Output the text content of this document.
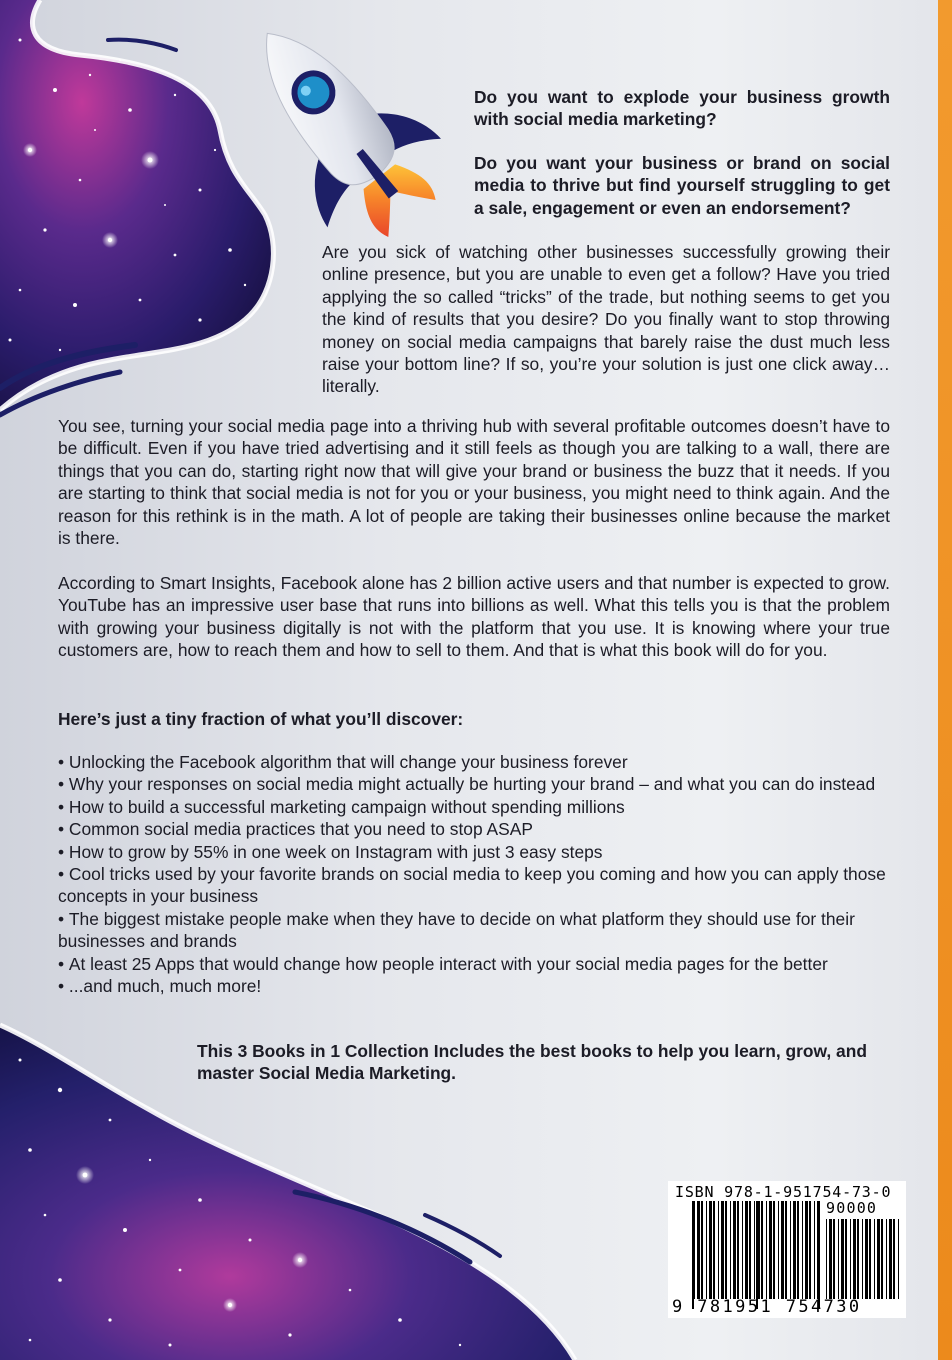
Do you want to explode your business growth with social media marketing?

Do you want your business or brand on social media to thrive but find yourself struggling to get a sale, engagement or even an endorsement?

Are you sick of watching other businesses successfully growing their online presence, but you are unable to even get a follow? Have you tried applying the so called “tricks” of the trade, but nothing seems to get you the kind of results that you desire? Do you finally want to stop throwing money on social media campaigns that barely raise the dust much less raise your bottom line? If so, you’re your solution is just one click away…literally.

You see, turning your social media page into a thriving hub with several profitable outcomes doesn’t have to be difficult. Even if you have tried advertising and it still feels as though you are talking to a wall, there are things that you can do, starting right now that will give your brand or business the buzz that it needs. If you are starting to think that social media is not for you or your business, you might need to think again. And the reason for this rethink is in the math. A lot of people are taking their businesses online because the market is there.

According to Smart Insights, Facebook alone has 2 billion active users and that number is expected to grow. YouTube has an impressive user base that runs into billions as well. What this tells you is that the problem with growing your business digitally is not with the platform that you use. It is knowing where your true customers are, how to reach them and how to sell to them. And that is what this book will do for you.

Here’s just a tiny fraction of what you’ll discover:

• Unlocking the Facebook algorithm that will change your business forever
• Why your responses on social media might actually be hurting your brand – and what you can do instead
• How to build a successful marketing campaign without spending millions
• Common social media practices that you need to stop ASAP
• How to grow by 55% in one week on Instagram with just 3 easy steps
• Cool tricks used by your favorite brands on social media to keep you coming and how you can apply those concepts in your business
• The biggest mistake people make when they have to decide on what platform they should use for their businesses and brands
• At least 25 Apps that would change how people interact with your social media pages for the better
• ...and much, much more!

This 3 Books in 1 Collection Includes the best books to help you learn, grow, and master Social Media Marketing.

ISBN 978-1-951754-73-0
90000
9 781951 754730
